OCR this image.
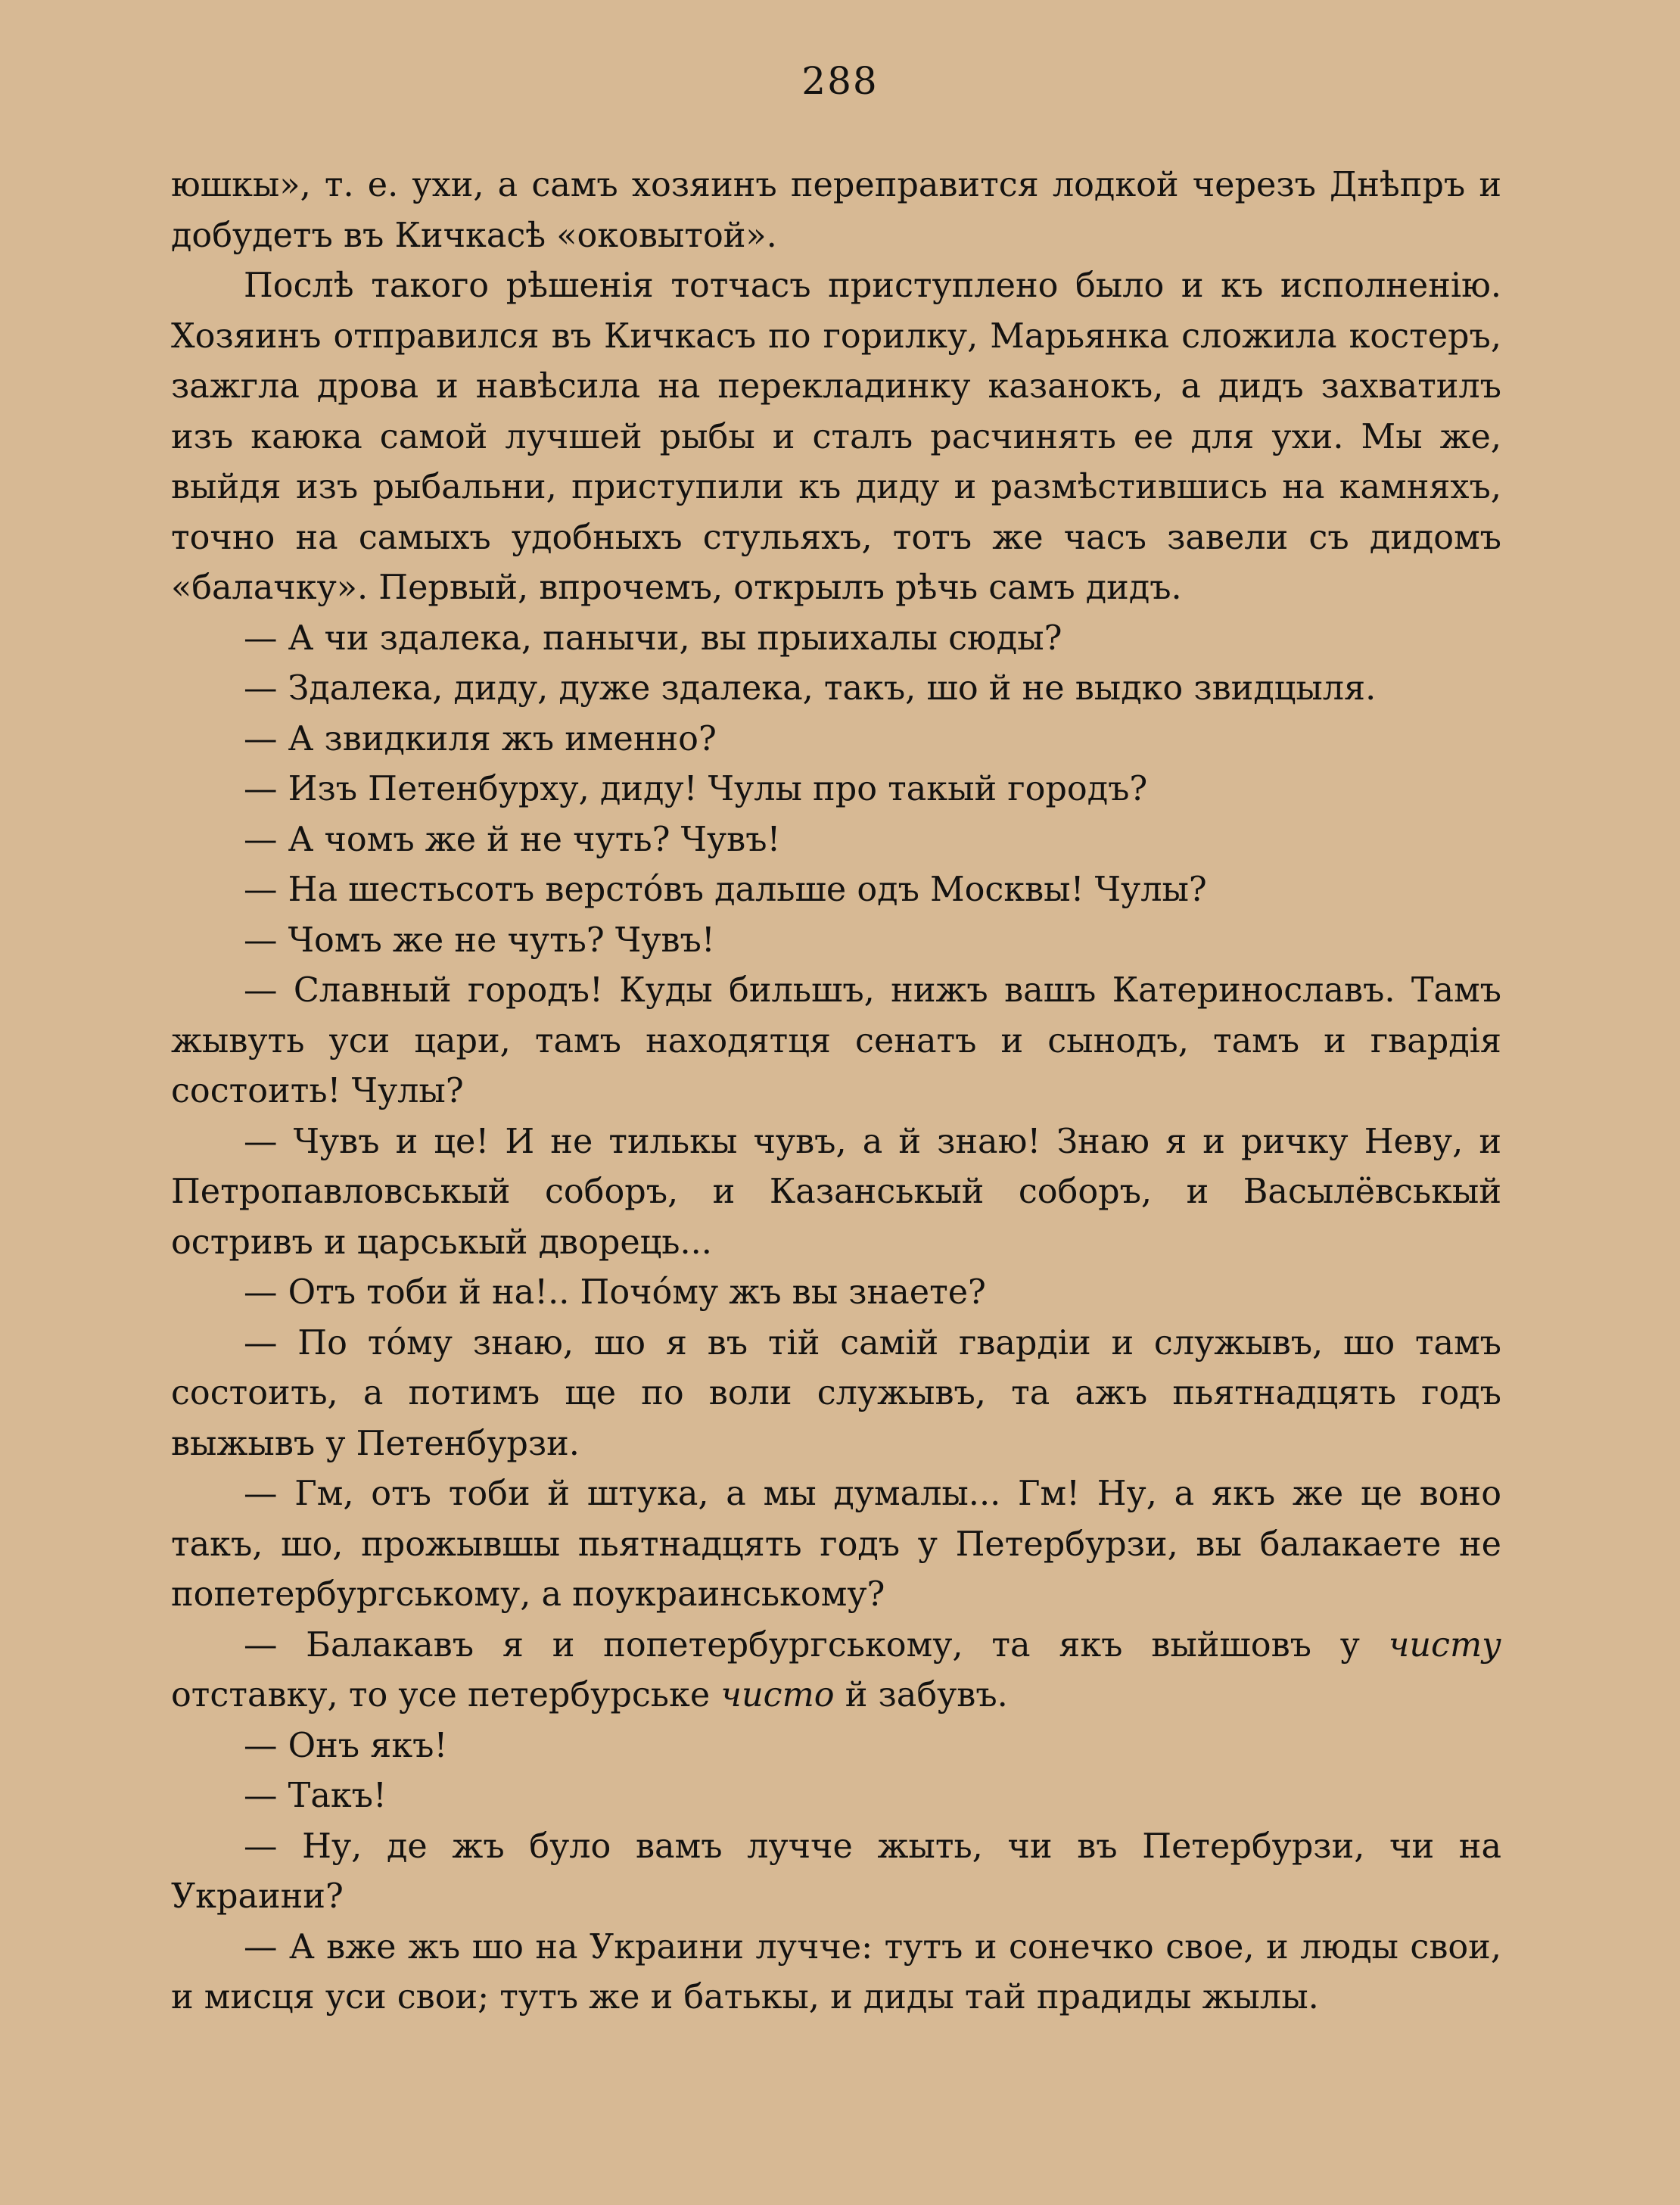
288

юшкы», т. е. ухи, а самъ хозяинъ переправится лодкой черезъ Днѣпръ и добудетъ въ Кичкасѣ «оковытой».

Послѣ такого рѣшенія тотчасъ приступлено было и къ исполненію. Хозяинъ отправился въ Кичкасъ по горилку, Марьянка сложила костеръ, зажгла дрова и навѣсила на перекладинку казанокъ, а дидъ захватилъ изъ каюка самой лучшей рыбы и сталъ расчинять ее для ухи. Мы же, выйдя изъ рыбальни, приступили къ диду и размѣстившись на камняхъ, точно на самыхъ удобныхъ стульяхъ, тотъ же часъ завели съ дидомъ «балачку». Первый, впрочемъ, открылъ рѣчь самъ дидъ.

— А чи здалека, панычи, вы прыихалы сюды?

— Здалека, диду, дуже здалека, такъ, шо й не выдко звидцыля.

— А звидкиля жъ именно?

— Изъ Петенбурху, диду! Чулы про такый городъ?

— А чомъ же й не чуть? Чувъ!

— На шестьсотъ верстóвъ дальше одъ Москвы! Чулы?

— Чомъ же не чуть? Чувъ!

— Славный городъ! Куды бильшъ, нижъ вашъ Катеринославъ. Тамъ жывуть уси цари, тамъ находятця сенатъ и сынодъ, тамъ и гвардія состоить! Чулы?

— Чувъ и це! И не тилькы чувъ, а й знаю! Знаю я и ричку Неву, и Петропавловськый соборъ, и Казанськый соборъ, и Васылёвськый остривъ и царськый дворець...

— Отъ тоби й на!.. Почóму жъ вы знаете?

— По тóму знаю, шо я въ тій самій гвардіи и служывъ, шо тамъ состоить, а потимъ ще по воли служывъ, та ажъ пьятнадцять годъ выжывъ у Петенбурзи.

— Гм, отъ тоби й штука, а мы думалы... Гм! Ну, а якъ же це воно такъ, шо, прожывшы пьятнадцять годъ у Петербурзи, вы балакаете не попетербургському, а поукраинському?

— Балакавъ я и попетербургському, та якъ выйшовъ у чисту отставку, то усе петербурське чисто й забувъ.

— Онъ якъ!

— Такъ!

— Ну, де жъ було вамъ лучче жыть, чи въ Петербурзи, чи на Украини?

— А вже жъ шо на Украини лучче: тутъ и сонечко свое, и люды свои, и мисця уси свои; тутъ же и батькы, и диды тай прадиды жылы.
